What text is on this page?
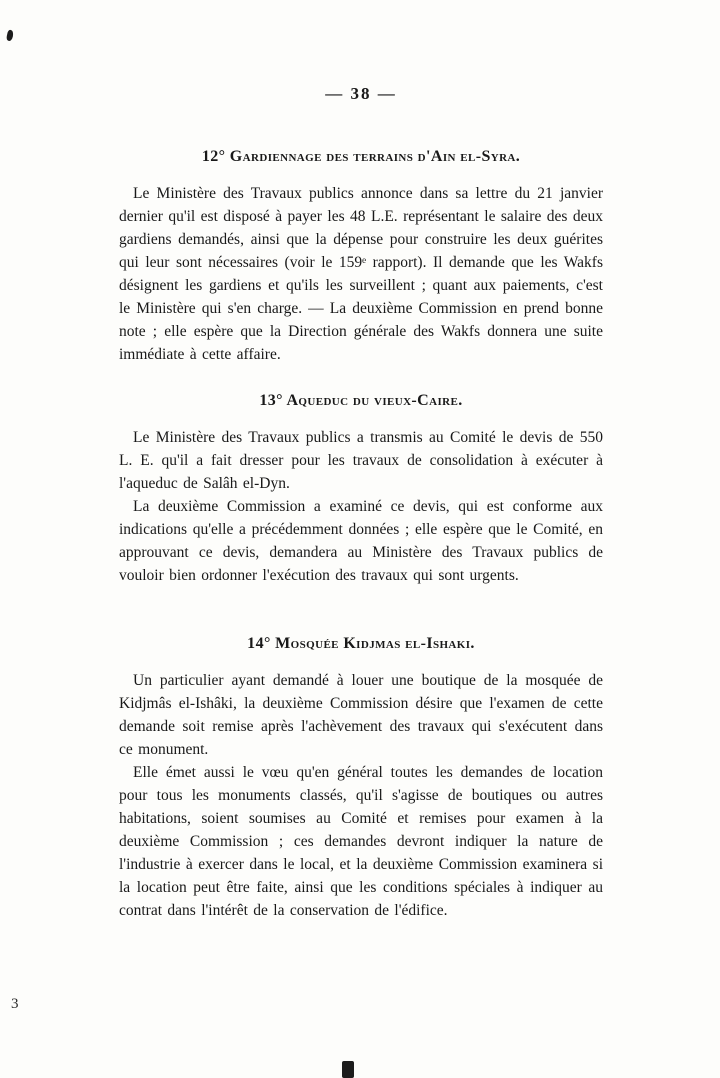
— 38 —
12° Gardiennage des terrains d'Ain el-Syra.

Le Ministère des Travaux publics annonce dans sa lettre du 21 janvier dernier qu'il est disposé à payer les 48 L.E. représentant le salaire des deux gardiens demandés, ainsi que la dépense pour construire les deux guérites qui leur sont nécessaires (voir le 159ᵉ rapport). Il demande que les Wakfs désignent les gardiens et qu'ils les surveillent ; quant aux paiements, c'est le Ministère qui s'en charge. — La deuxième Commission en prend bonne note ; elle espère que la Direction générale des Wakfs donnera une suite immédiate à cette affaire.

13° Aqueduc du vieux-Caire.

Le Ministère des Travaux publics a transmis au Comité le devis de 550 L. E. qu'il a fait dresser pour les travaux de consolidation à exécuter à l'aqueduc de Salâh el-Dyn.

La deuxième Commission a examiné ce devis, qui est conforme aux indications qu'elle a précédemment données ; elle espère que le Comité, en approuvant ce devis, demandera au Ministère des Travaux publics de vouloir bien ordonner l'exécution des travaux qui sont urgents.

14° Mosquée Kidjmas el-Ishaki.

Un particulier ayant demandé à louer une boutique de la mosquée de Kidjmâs el-Ishâki, la deuxième Commission désire que l'examen de cette demande soit remise après l'achèvement des travaux qui s'exécutent dans ce monument.

Elle émet aussi le vœu qu'en général toutes les demandes de location pour tous les monuments classés, qu'il s'agisse de boutiques ou autres habitations, soient soumises au Comité et remises pour examen à la deuxième Commission ; ces demandes devront indiquer la nature de l'industrie à exercer dans le local, et la deuxième Commission examinera si la location peut être faite, ainsi que les conditions spéciales à indiquer au contrat dans l'intérêt de la conservation de l'édifice.

3
